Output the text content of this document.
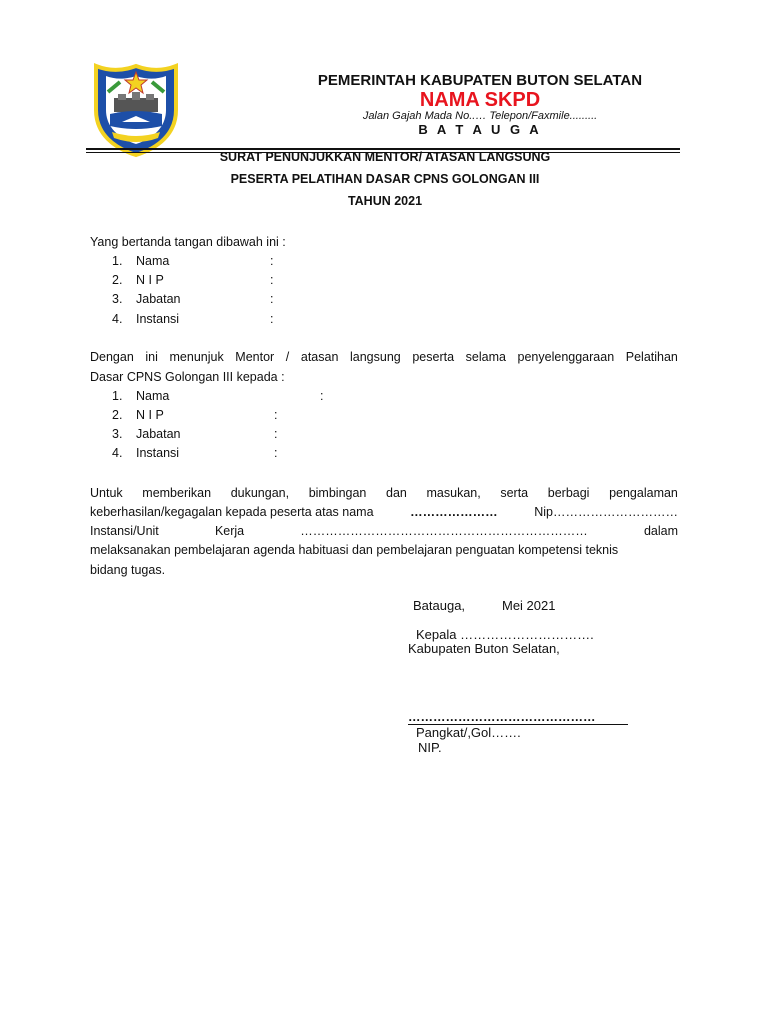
PEMERINTAH KABUPATEN BUTON SELATAN
NAMA SKPD
Jalan Gajah Mada No..… Telepon/Faxmile.........
B A T A U G A
SURAT PENUNJUKKAN MENTOR/ ATASAN LANGSUNG
PESERTA PELATIHAN DASAR CPNS GOLONGAN III
TAHUN 2021
Yang bertanda tangan dibawah ini :
1.	Nama	:
2.	N I P	:
3.	Jabatan	:
4.	Instansi	:
Dengan ini menunjuk Mentor / atasan langsung peserta selama penyelenggaraan Pelatihan
Dasar CPNS Golongan III kepada :
1.	Nama	:
2.	N I P	:
3.	Jabatan	:
4.	Instansi	:
Untuk memberikan dukungan, bimbingan dan masukan, serta berbagi pengalaman
keberhasilan/kegagalan kepada peserta atas nama	…………………	Nip…………………………
Instansi/Unit	Kerja	……………………………………………………………	dalam
melaksanakan pembelajaran agenda habituasi dan pembelajaran penguatan kompetensi teknis
bidang tugas.
Batauga,	Mei 2021
Kepala ………………………….
Kabupaten Buton Selatan,
………………………………………
Pangkat/,Gol…….
NIP.
